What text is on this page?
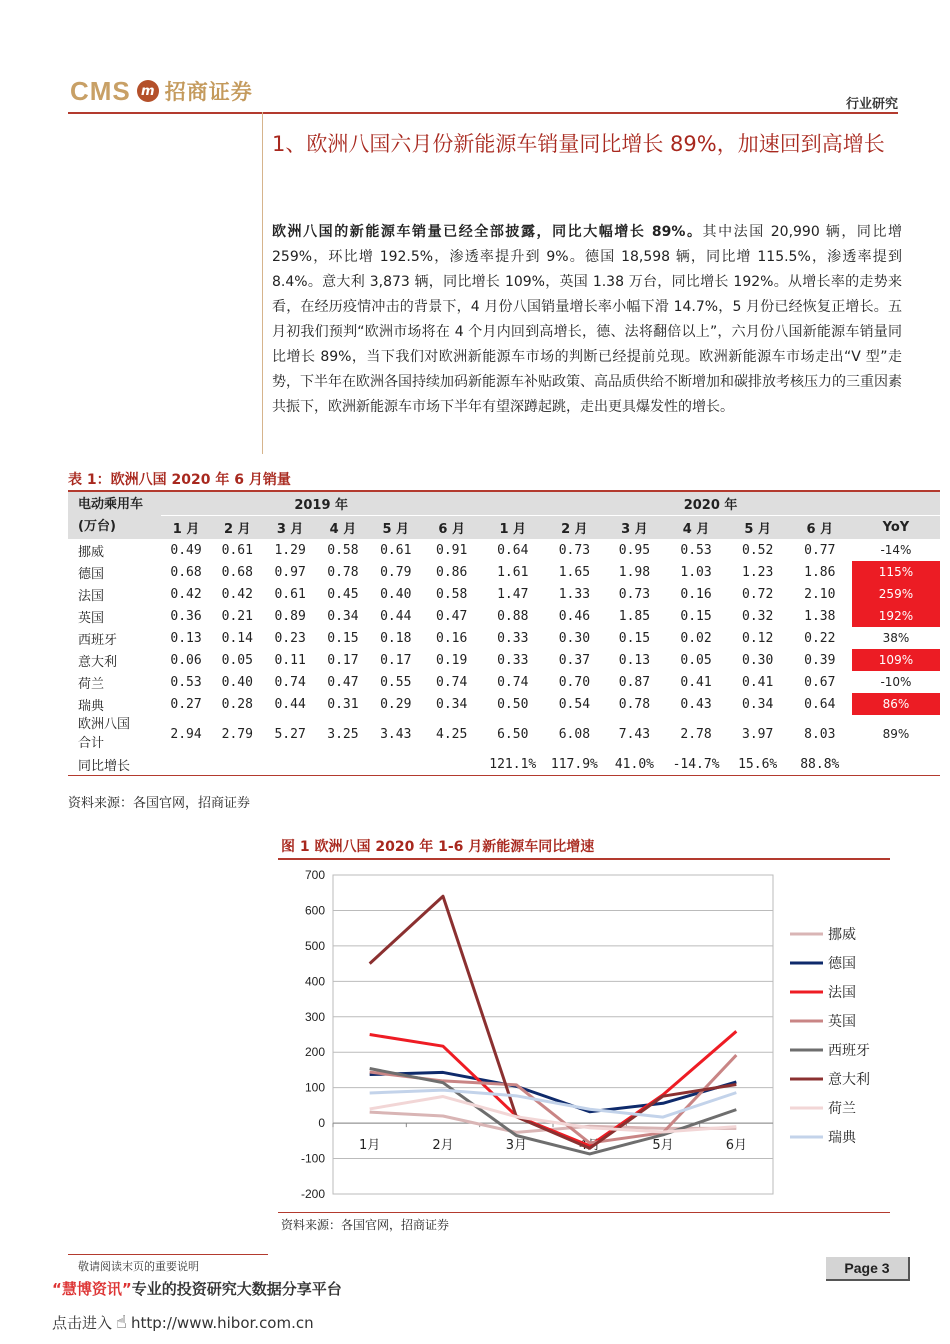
CMS m 招商证券
行业研究
1、欧洲八国六月份新能源车销量同比增长 89%，加速回到高增长
欧洲八国的新能源车销量已经全部披露，同比大幅增长 89%。其中法国 20,990 辆，同比增 259%，环比增 192.5%，渗透率提升到 9%。德国 18,598 辆，同比增 115.5%，渗透率提到 8.4%。意大利 3,873 辆，同比增长 109%，英国 1.38 万台，同比增长 192%。从增长率的走势来看，在经历疫情冲击的背景下，4 月份八国销量增长率小幅下滑 14.7%，5 月份已经恢复正增长。五月初我们预判“欧洲市场将在 4 个月内回到高增长，德、法将翻倍以上”，六月份八国新能源车销量同比增长 89%，当下我们对欧洲新能源车市场的判断已经提前兑现。欧洲新能源车市场走出“V 型”走势，下半年在欧洲各国持续加码新能源车补贴政策、高品质供给不断增加和碳排放考核压力的三重因素共振下，欧洲新能源车市场下半年有望深蹲起跳，走出更具爆发性的增长。
表 1：欧洲八国 2020 年 6 月销量
电动乘用车(万台)	2019 年						2020 年						
	1 月	2 月	3 月	4 月	5 月	6 月	1 月	2 月	3 月	4 月	5 月	6 月	YoY
挪威	0.49	0.61	1.29	0.58	0.61	0.91	0.64	0.73	0.95	0.53	0.52	0.77	-14%
德国	0.68	0.68	0.97	0.78	0.79	0.86	1.61	1.65	1.98	1.03	1.23	1.86	115%
法国	0.42	0.42	0.61	0.45	0.40	0.58	1.47	1.33	0.73	0.16	0.72	2.10	259%
英国	0.36	0.21	0.89	0.34	0.44	0.47	0.88	0.46	1.85	0.15	0.32	1.38	192%
西班牙	0.13	0.14	0.23	0.15	0.18	0.16	0.33	0.30	0.15	0.02	0.12	0.22	38%
意大利	0.06	0.05	0.11	0.17	0.17	0.19	0.33	0.37	0.13	0.05	0.30	0.39	109%
荷兰	0.53	0.40	0.74	0.47	0.55	0.74	0.74	0.70	0.87	0.41	0.41	0.67	-10%
瑞典	0.27	0.28	0.44	0.31	0.29	0.34	0.50	0.54	0.78	0.43	0.34	0.64	86%

欧洲八国
合计	2.94	2.79	5.27	3.25	3.43	4.25	6.50	6.08	7.43	2.78	3.97	8.03	89%
同比增长							121.1%	117.9%	41.0%	-14.7%	15.6%	88.8%	
资料来源：各国官网，招商证券
图 1 欧洲八国 2020 年 1-6 月新能源车同比增速
-200
-100
0
100
200
300
400
500
600
700
1月	2月	3月	4月	5月	6月
挪威
德国
法国
英国
西班牙
意大利
荷兰
瑞典
资料来源：各国官网，招商证券
敬请阅读末页的重要说明	Page 3
“慧博资讯”专业的投资研究大数据分享平台
点击进入 ☝ http://www.hibor.com.cn
